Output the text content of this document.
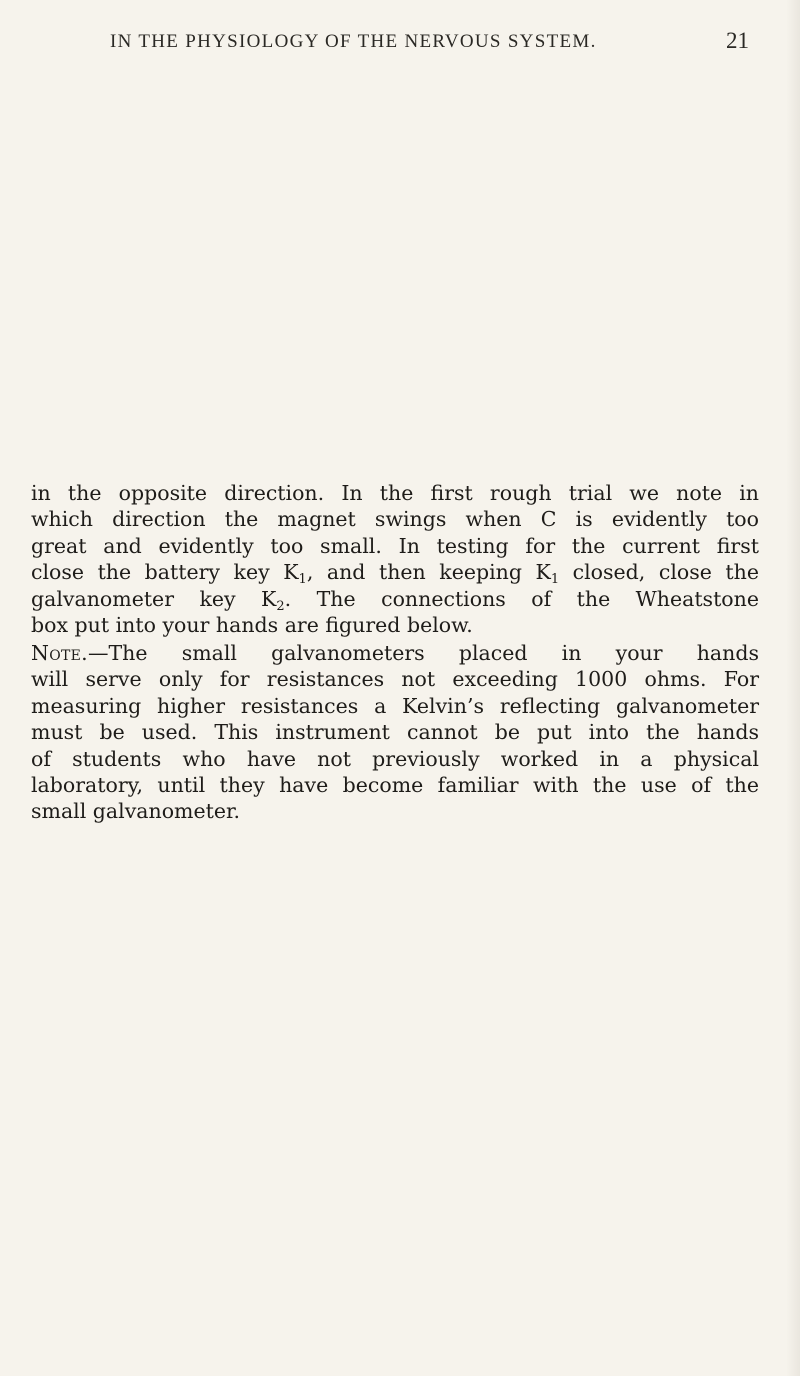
IN THE PHYSIOLOGY OF THE NERVOUS SYSTEM.	21
in the opposite direction. In the first rough trial we note in
which direction the magnet swings when C is evidently too
great and evidently too small. In testing for the current first
close the battery key $K_1$, and then keeping $K_1$ closed, close the
galvanometer key $K_2$. The connections of the Wheatstone
box put into your hands are figured below.
Note.—The small galvanometers placed in your hands
will serve only for resistances not exceeding 1000 ohms. For
measuring higher resistances a Kelvin’s reflecting galvanometer
must be used. This instrument cannot be put into the hands
of students who have not previously worked in a physical
laboratory, until they have become familiar with the use of the
small galvanometer.
